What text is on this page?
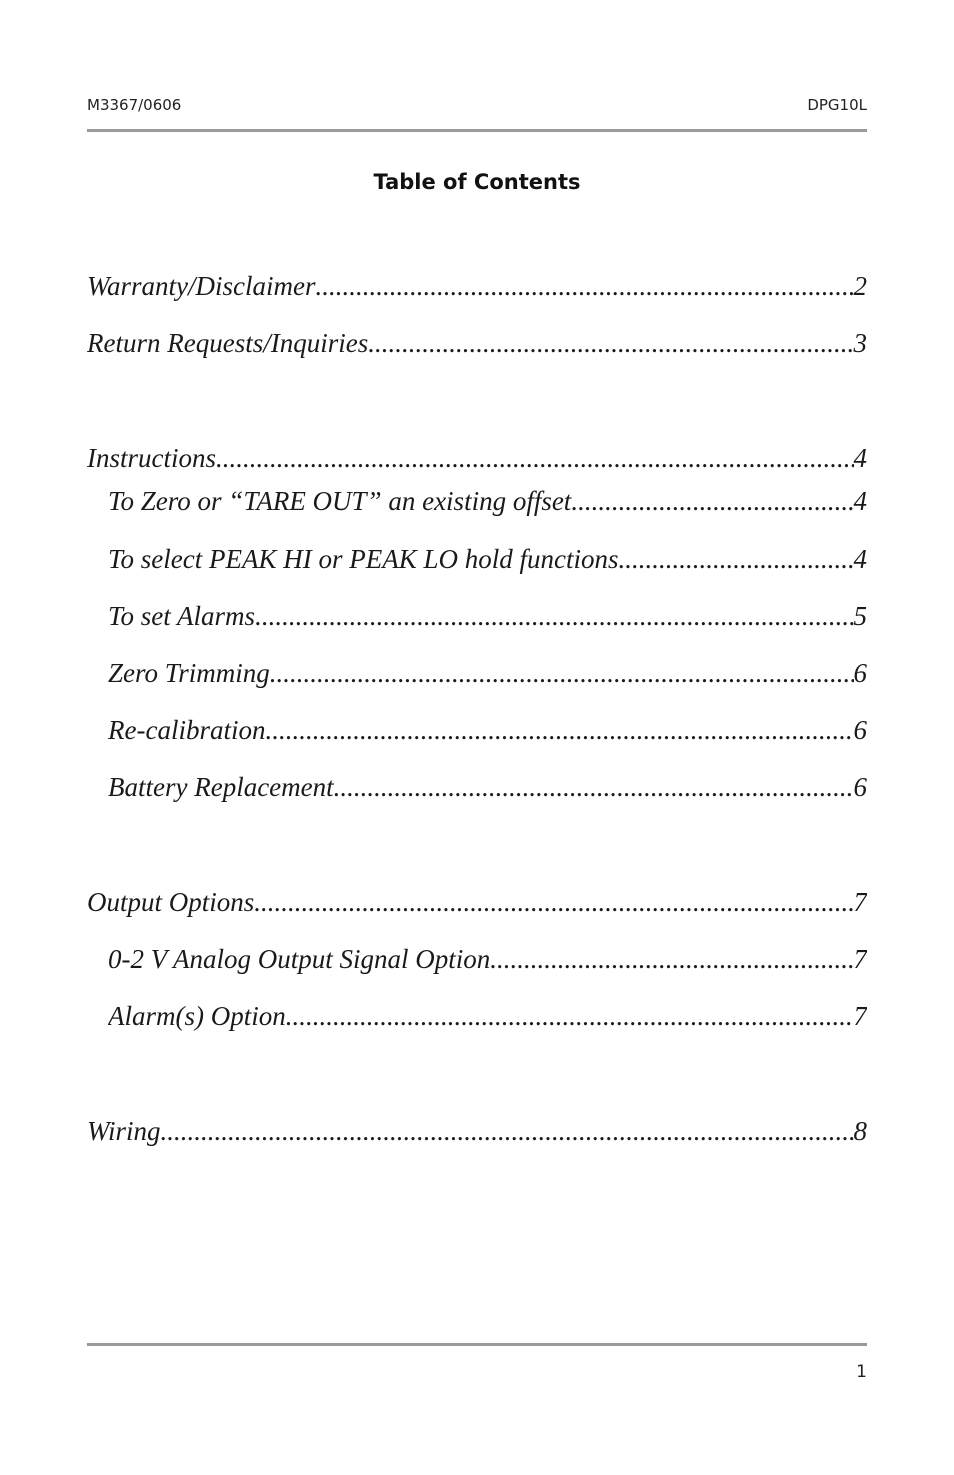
M3367/0606	DPG10L
Table of Contents
Warranty/Disclaimer .....	2
Return Requests/Inquiries .....	3
Instructions .....	4
To Zero or “TARE OUT” an existing offset .....	4
To select PEAK HI or PEAK LO hold functions .....	4
To set Alarms .....	5
Zero Trimming .....	6
Re-calibration .....	6
Battery Replacement .....	6
Output Options .....	7
0-2 V Analog Output Signal Option .....	7
Alarm(s) Option .....	7
Wiring .....	8
1
